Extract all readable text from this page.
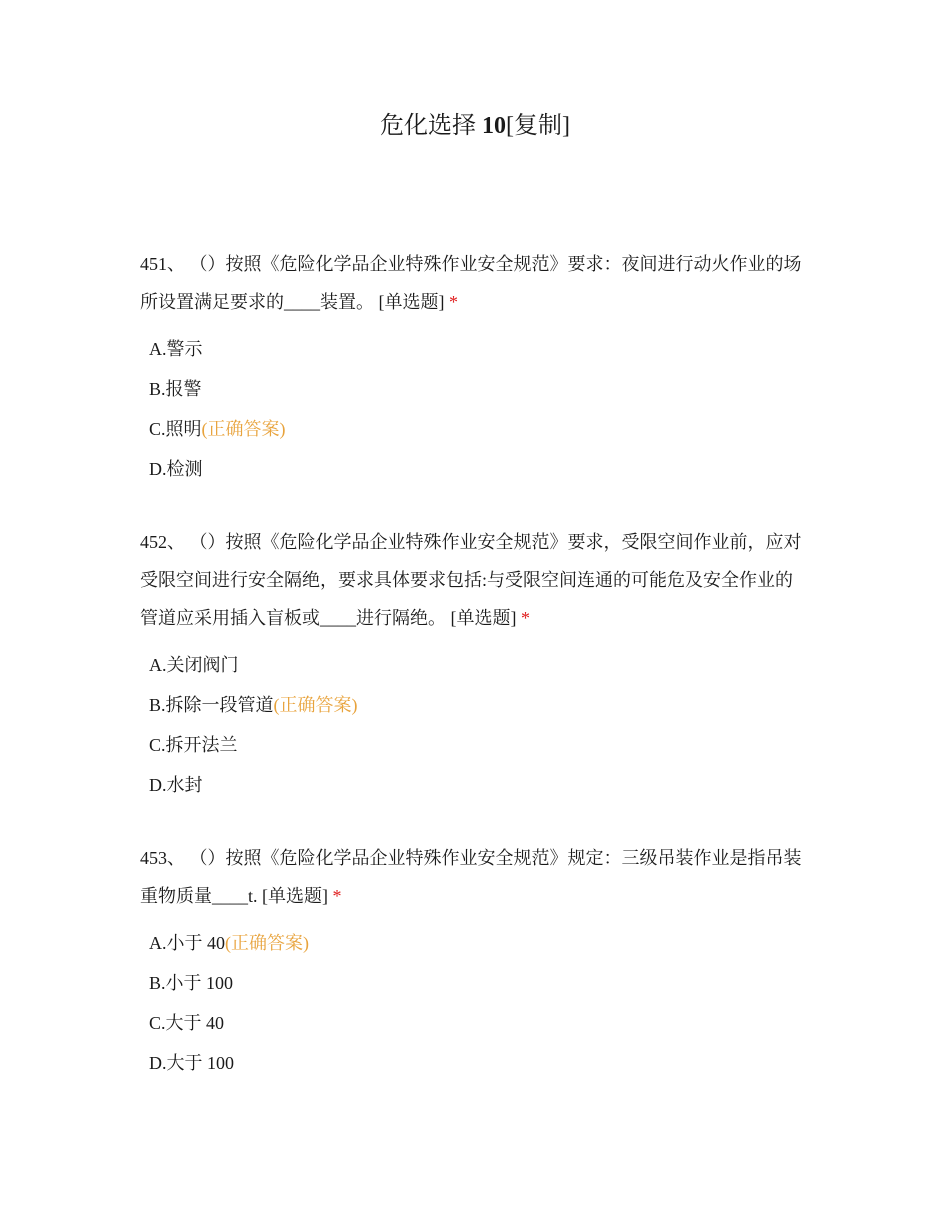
危化选择 10[复制]

451、 （）按照《危险化学品企业特殊作业安全规范》要求：夜间进行动火作业的场所设置满足要求的____装置。 [单选题] *

A.警示
B.报警
C.照明(正确答案)
D.检测

452、 （）按照《危险化学品企业特殊作业安全规范》要求，受限空间作业前，应对受限空间进行安全隔绝，要求具体要求包括:与受限空间连通的可能危及安全作业的管道应采用插入盲板或____进行隔绝。 [单选题] *

A.关闭阀门
B.拆除一段管道(正确答案)
C.拆开法兰
D.水封

453、 （）按照《危险化学品企业特殊作业安全规范》规定：三级吊装作业是指吊装重物质量____t. [单选题] *

A.小于 40(正确答案)
B.小于 100
C.大于 40
D.大于 100
